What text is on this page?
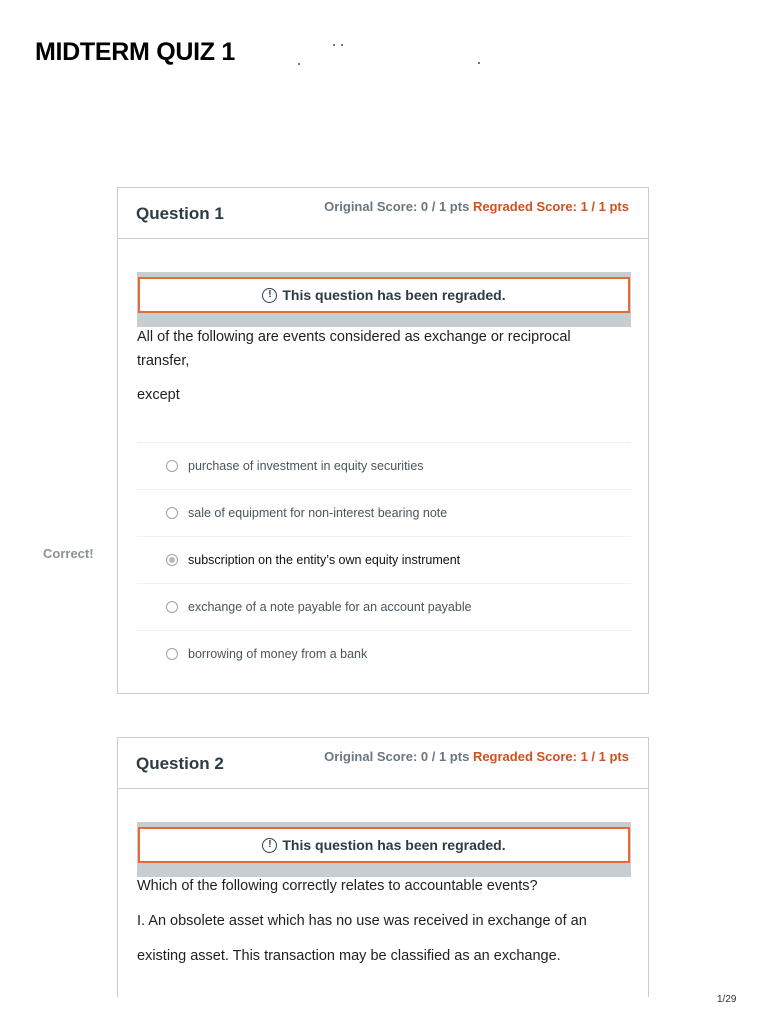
MIDTERM QUIZ 1
Correct!
Question 1	Original Score: 0 / 1 pts Regraded Score: 1 / 1 pts
! This question has been regraded.
All of the following are events considered as exchange or reciprocal transfer,
except
purchase of investment in equity securities
sale of equipment for non-interest bearing note
subscription on the entity’s own equity instrument
exchange of a note payable for an account payable
borrowing of money from a bank
Question 2	Original Score: 0 / 1 pts Regraded Score: 1 / 1 pts
! This question has been regraded.
Which of the following correctly relates to accountable events?
I. An obsolete asset which has no use was received in exchange of an
existing asset. This transaction may be classified as an exchange.
1/29
